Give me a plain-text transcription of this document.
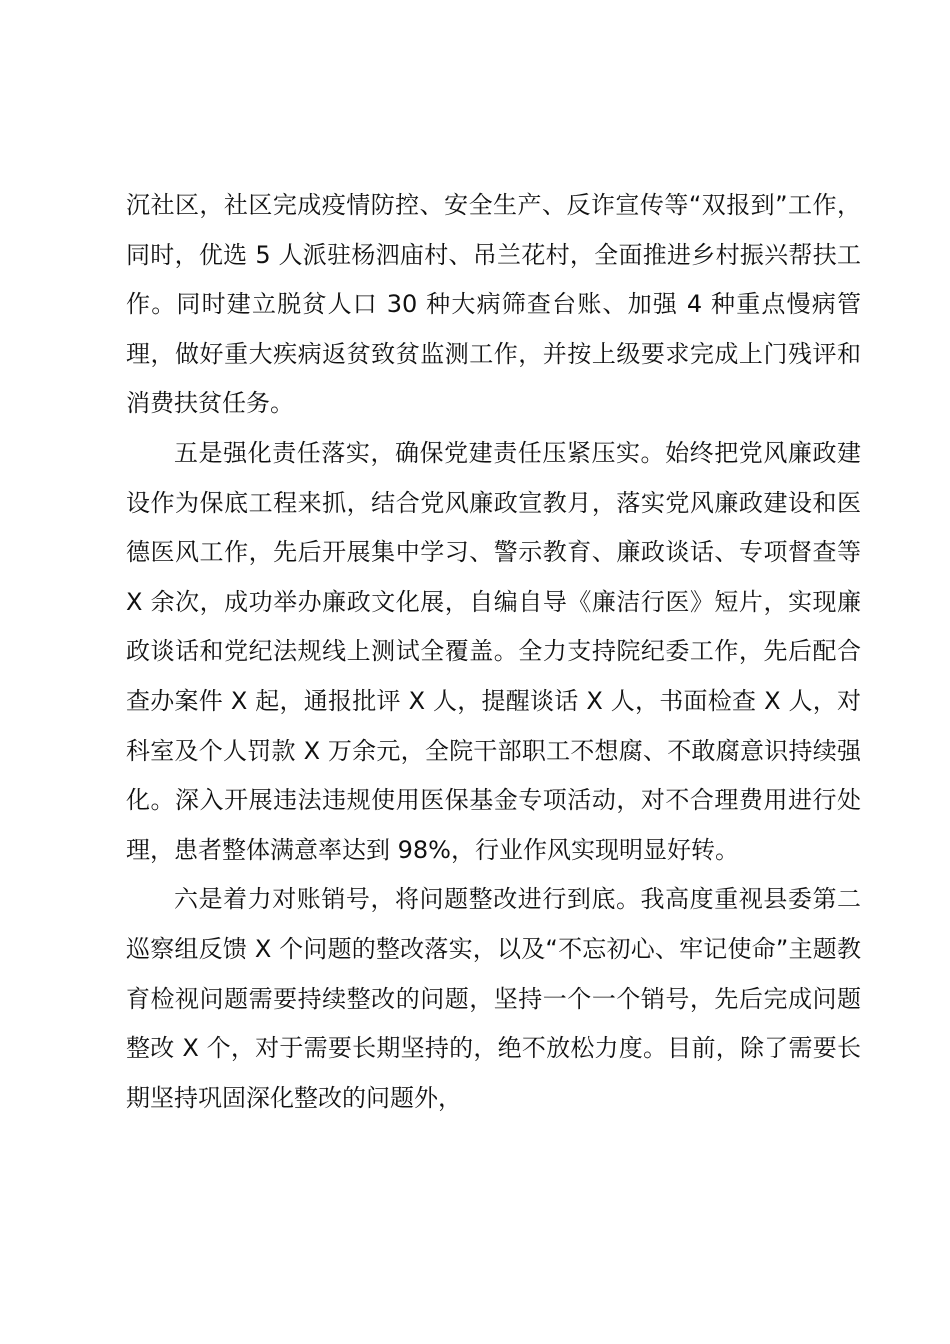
沉社区，社区完成疫情防控、安全生产、反诈宣传等“双报到”工作，同时，优选 5 人派驻杨泗庙村、吊兰花村，全面推进乡村振兴帮扶工作。同时建立脱贫人口 30 种大病筛查台账、加强 4 种重点慢病管理，做好重大疾病返贫致贫监测工作，并按上级要求完成上门残评和消费扶贫任务。

五是强化责任落实，确保党建责任压紧压实。始终把党风廉政建设作为保底工程来抓，结合党风廉政宣教月，落实党风廉政建设和医德医风工作，先后开展集中学习、警示教育、廉政谈话、专项督查等 X 余次，成功举办廉政文化展，自编自导《廉洁行医》短片，实现廉政谈话和党纪法规线上测试全覆盖。全力支持院纪委工作，先后配合查办案件 X 起，通报批评 X 人，提醒谈话 X 人，书面检查 X 人，对科室及个人罚款 X 万余元，全院干部职工不想腐、不敢腐意识持续强化。深入开展违法违规使用医保基金专项活动，对不合理费用进行处理，患者整体满意率达到 98%，行业作风实现明显好转。

六是着力对账销号，将问题整改进行到底。我高度重视县委第二巡察组反馈 X 个问题的整改落实，以及“不忘初心、牢记使命”主题教育检视问题需要持续整改的问题，坚持一个一个销号，先后完成问题整改 X 个，对于需要长期坚持的，绝不放松力度。目前，除了需要长期坚持巩固深化整改的问题外，
